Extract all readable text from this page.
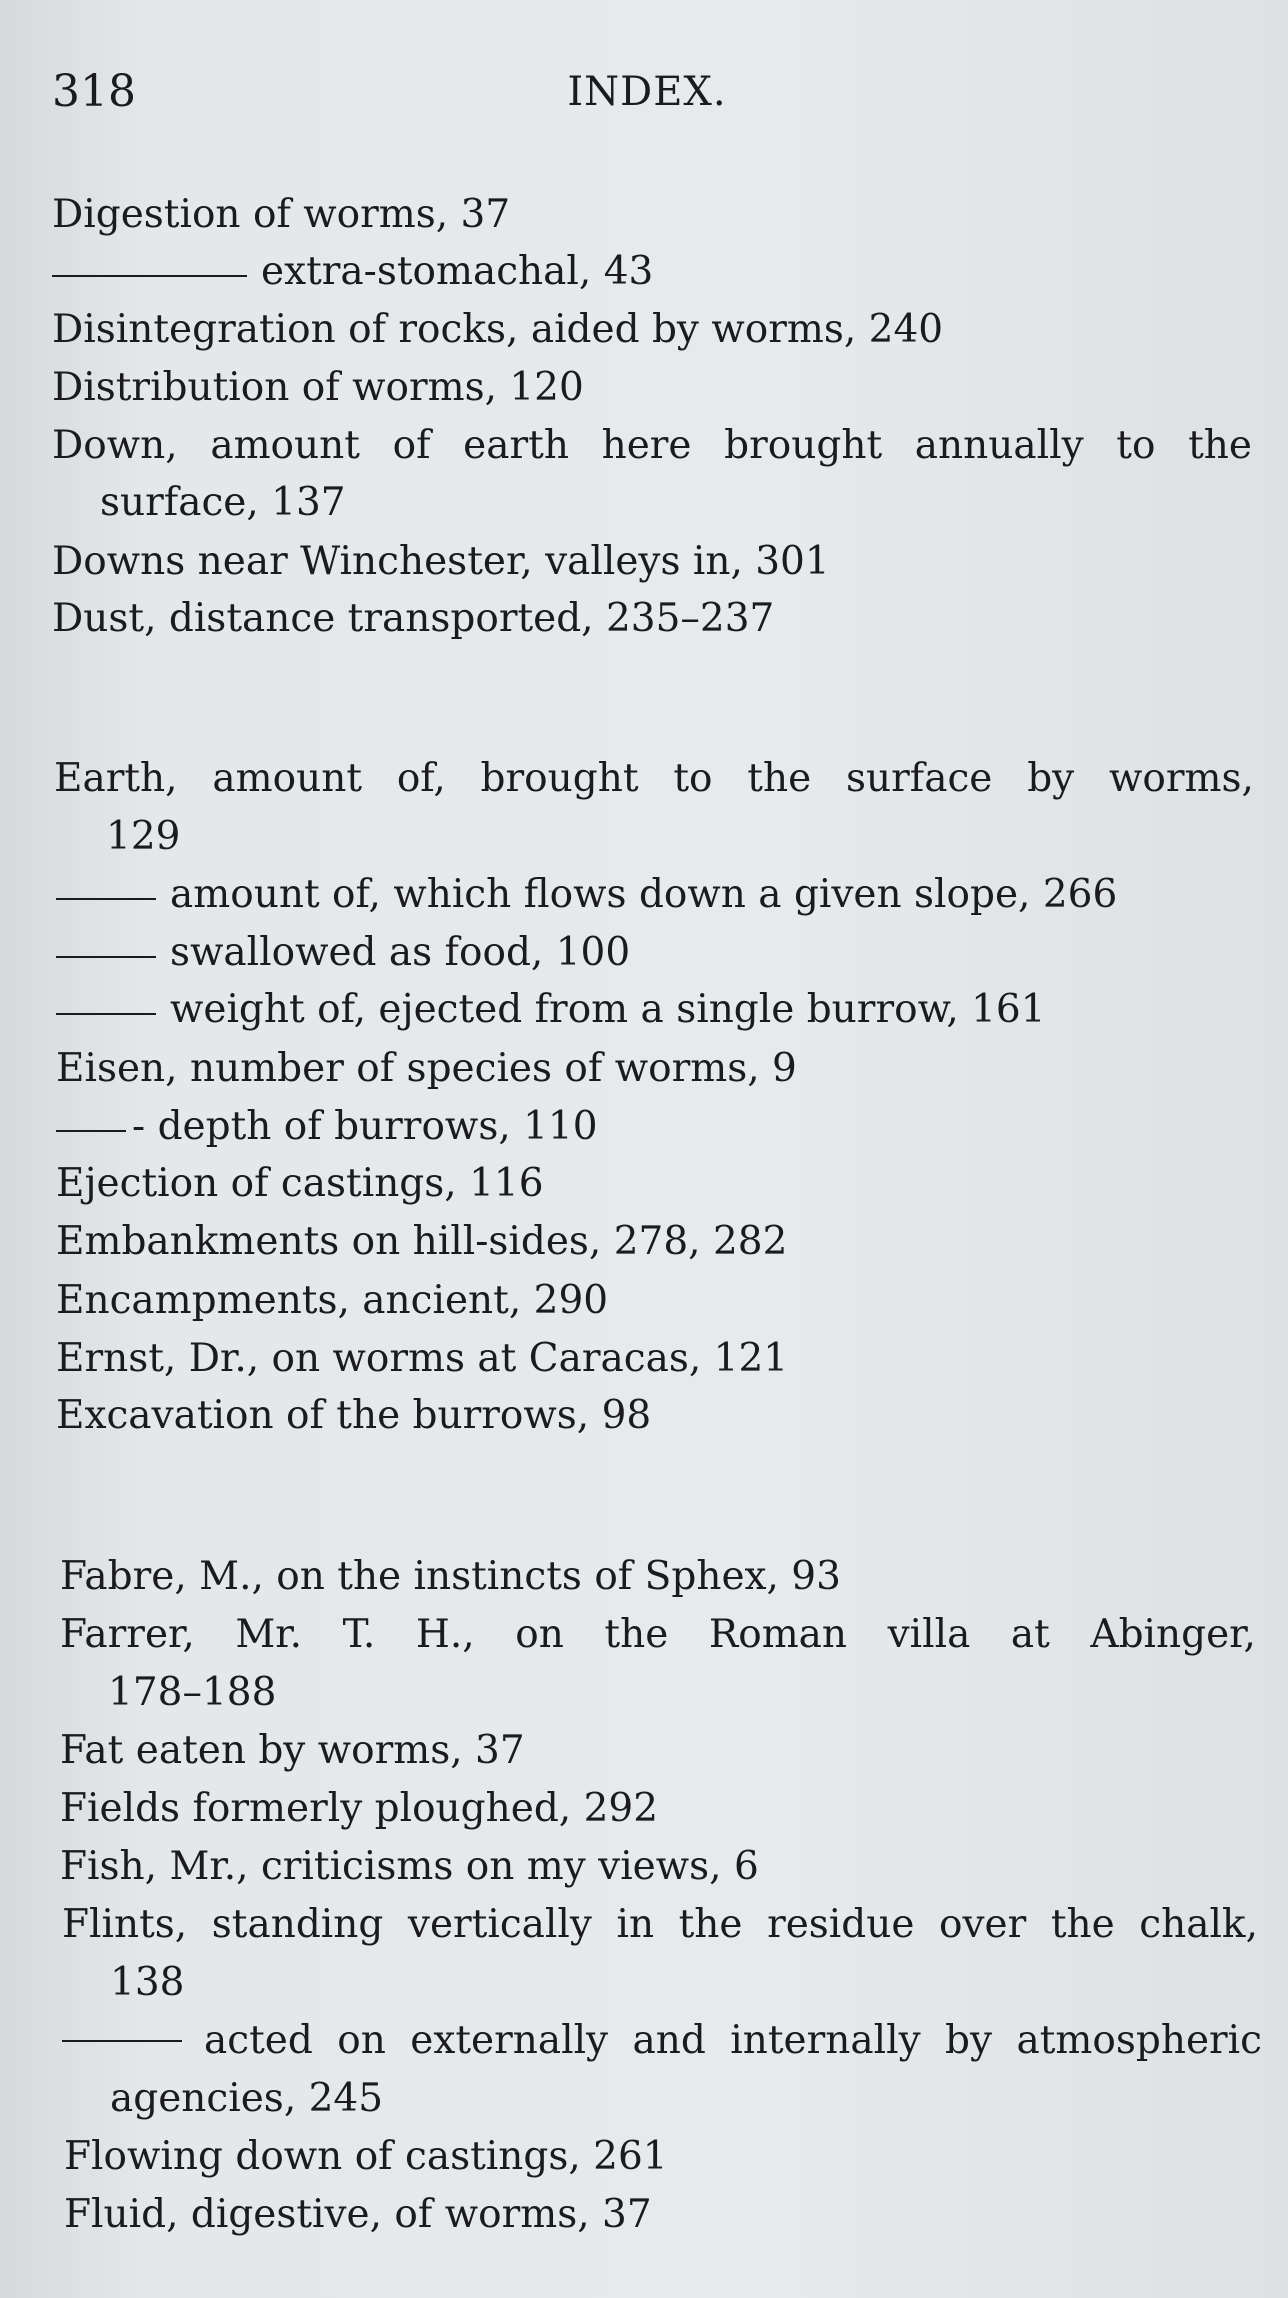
INDEX.
318
Digestion of worms, 37
extra-stomachal, 43
Disintegration of rocks, aided by worms, 240
Distribution of worms, 120
Down, amount of earth here brought annually to the
surface, 137
Downs near Winchester, valleys in, 301
Dust, distance transported, 235–237
Earth, amount of, brought to the surface by worms,
129
amount of, which flows down a given slope, 266
swallowed as food, 100
weight of, ejected from a single burrow, 161
Eisen, number of species of worms, 9
- depth of burrows, 110
Ejection of castings, 116
Embankments on hill-sides, 278, 282
Encampments, ancient, 290
Ernst, Dr., on worms at Caracas, 121
Excavation of the burrows, 98
Fabre, M., on the instincts of Sphex, 93
Farrer, Mr. T. H., on the Roman villa at Abinger,
178–188
Fat eaten by worms, 37
Fields formerly ploughed, 292
Fish, Mr., criticisms on my views, 6
Flints, standing vertically in the residue over the chalk,
138
acted on externally and internally by atmospheric
agencies, 245
Flowing down of castings, 261
Fluid, digestive, of worms, 37
